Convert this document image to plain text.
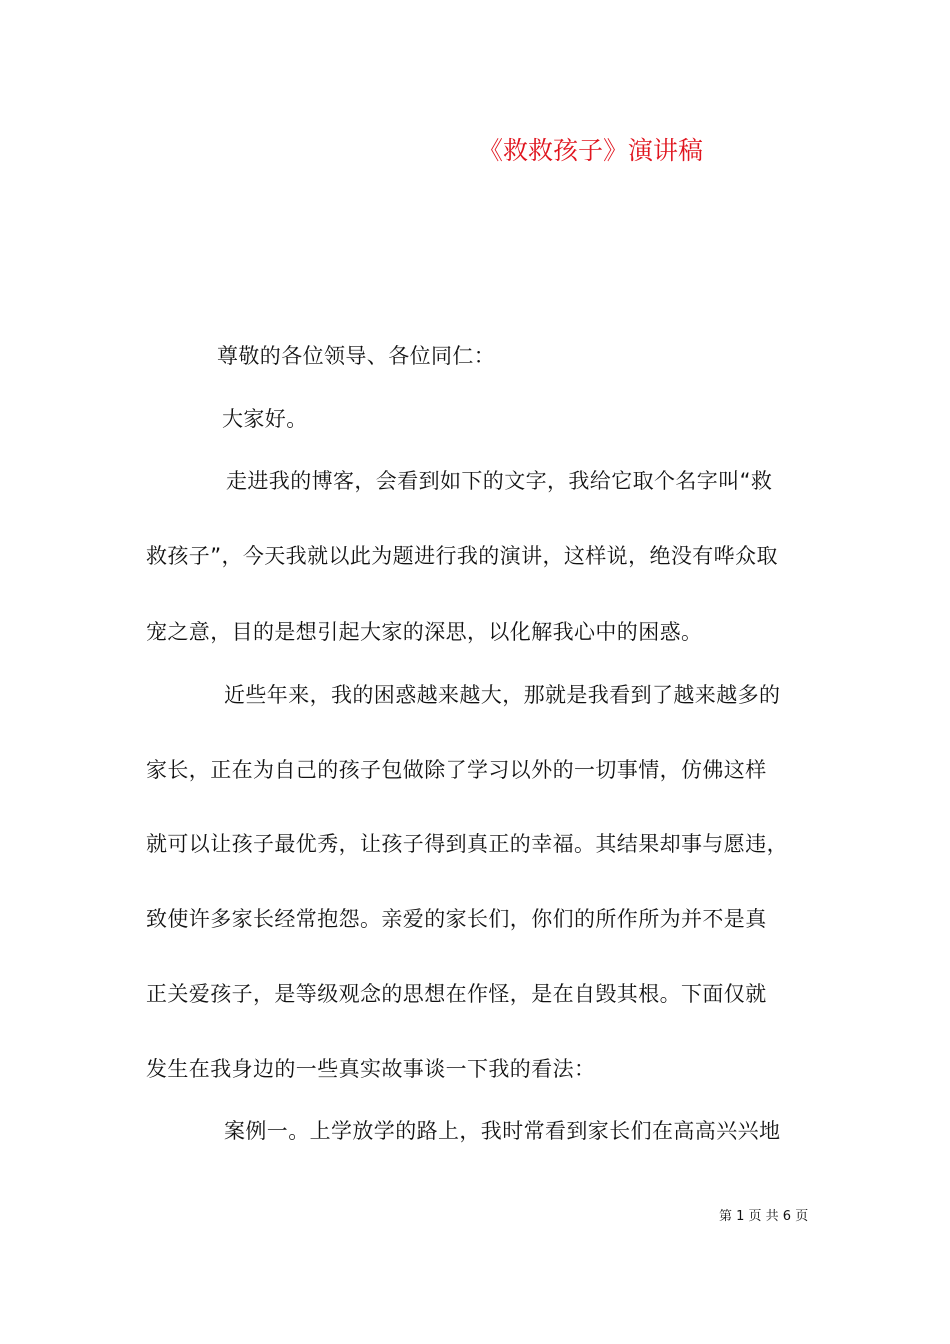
《救救孩子》演讲稿

尊敬的各位领导、各位同仁：

大家好。

走进我的博客，会看到如下的文字，我给它取个名字叫“救

救孩子”，今天我就以此为题进行我的演讲，这样说，绝没有哗众取

宠之意，目的是想引起大家的深思，以化解我心中的困惑。

近些年来，我的困惑越来越大，那就是我看到了越来越多的

家长，正在为自己的孩子包做除了学习以外的一切事情，仿佛这样

就可以让孩子最优秀，让孩子得到真正的幸福。其结果却事与愿违，

致使许多家长经常抱怨。亲爱的家长们，你们的所作所为并不是真

正关爱孩子，是等级观念的思想在作怪，是在自毁其根。下面仅就

发生在我身边的一些真实故事谈一下我的看法：

案例一。上学放学的路上，我时常看到家长们在高高兴兴地

第 1 页 共 6 页
